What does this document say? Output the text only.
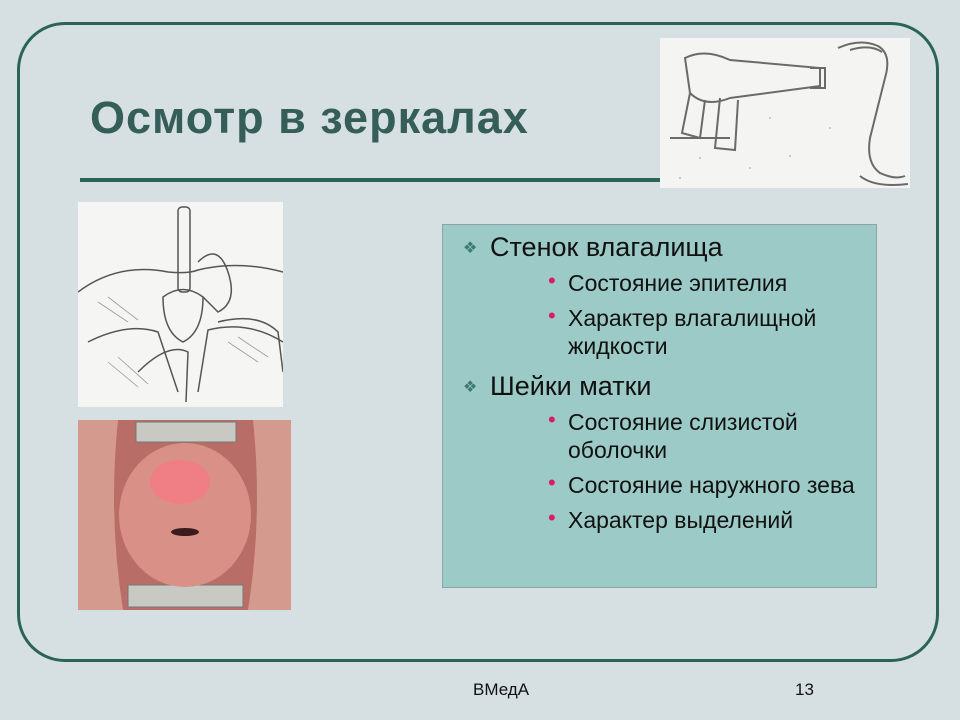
Осмотр в зеркалах
❖ Стенок влагалища
• Состояние эпителия
• Характер влагалищной жидкости
❖ Шейки матки
• Состояние слизистой оболочки
• Состояние наружного зева
• Характер выделений
ВМедА	13
